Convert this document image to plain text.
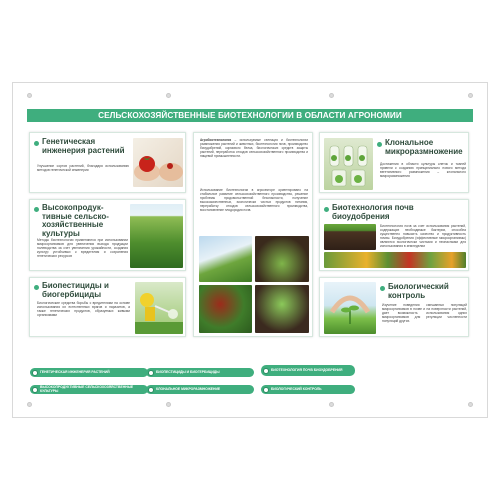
СЕЛЬСКОХОЗЯЙСТВЕННЫЕ БИОТЕХНОЛОГИИ В ОБЛАСТИ АГРОНОМИИ
Генетическая инженерия растений
Улучшение сортов растений, благодаря использованию методов генетической инженерии
Высокопродук-тивные сельско-хозяйственные культуры
Методы биотехнологии применяются при использовании микроорганизмов для увеличения выхода продукции полеводства за счет увеличения урожайности, создания культур устойчивых к вредителям и сохранения генетических ресурсов
Биопестициды и биогербициды
Биологические средства борьбы с вредителями на основе использования их естественных врагов и паразитов, а также генетических продуктов, образуемых живыми организмами
Агробиотехнология – используемые селекция и биотехнологии размножения растений и животных, биотехнологии почв, производство биоудобрений, кормового белка, биологических средств защиты растений, переработка отходов сельскохозяйственного производства и пищевой промышленности.
Использование биотехнологии в агросекторе ориентировано на стабильное развитие сельскохозяйственного производства, решение проблемы продовольственной безопасности, получение высококачественных, экологически чистых продуктов питания, переработку отходов сельскохозяйственного производства, восстановление плодородия почв.
Клональное микроразмножение
Достижения в области культуры клеток и тканей привели к созданию принципиально нового метода вегетативного размножения – клонального микроразмножения
Биотехнология почв биоудобрения
Биотехнология почв за счет использования растений, содержащих необходимые бактерии, способна существенно повысить качество и продуктивность почвы. Биоудобрения (эффективные микроорганизмы) являются экологически чистыми и неопасными для использования в земледелии
Биологический контроль
Изучение поведения смешанных популяций микроорганизмов в почве и на поверхности растений, дает возможность использования одних микроорганизмов для регуляции численности популяций других.
ГЕНЕТИЧЕСКАЯ ИНЖЕНЕРИЯ РАСТЕНИЙ
ВЫСОКОПРОДУКТИВНЫЕ СЕЛЬСКОХОЗЯЙСТВЕННЫЕ КУЛЬТУРЫ
БИОПЕСТИЦИДЫ И БИОГЕРБИЦИДЫ
КЛОНАЛЬНОЕ МИКРОРАЗМНОЖЕНИЕ
БИОТЕХНОЛОГИЯ ПОЧВ БИОУДОБРЕНИЯ
БИОЛОГИЧЕСКИЙ КОНТРОЛЬ
